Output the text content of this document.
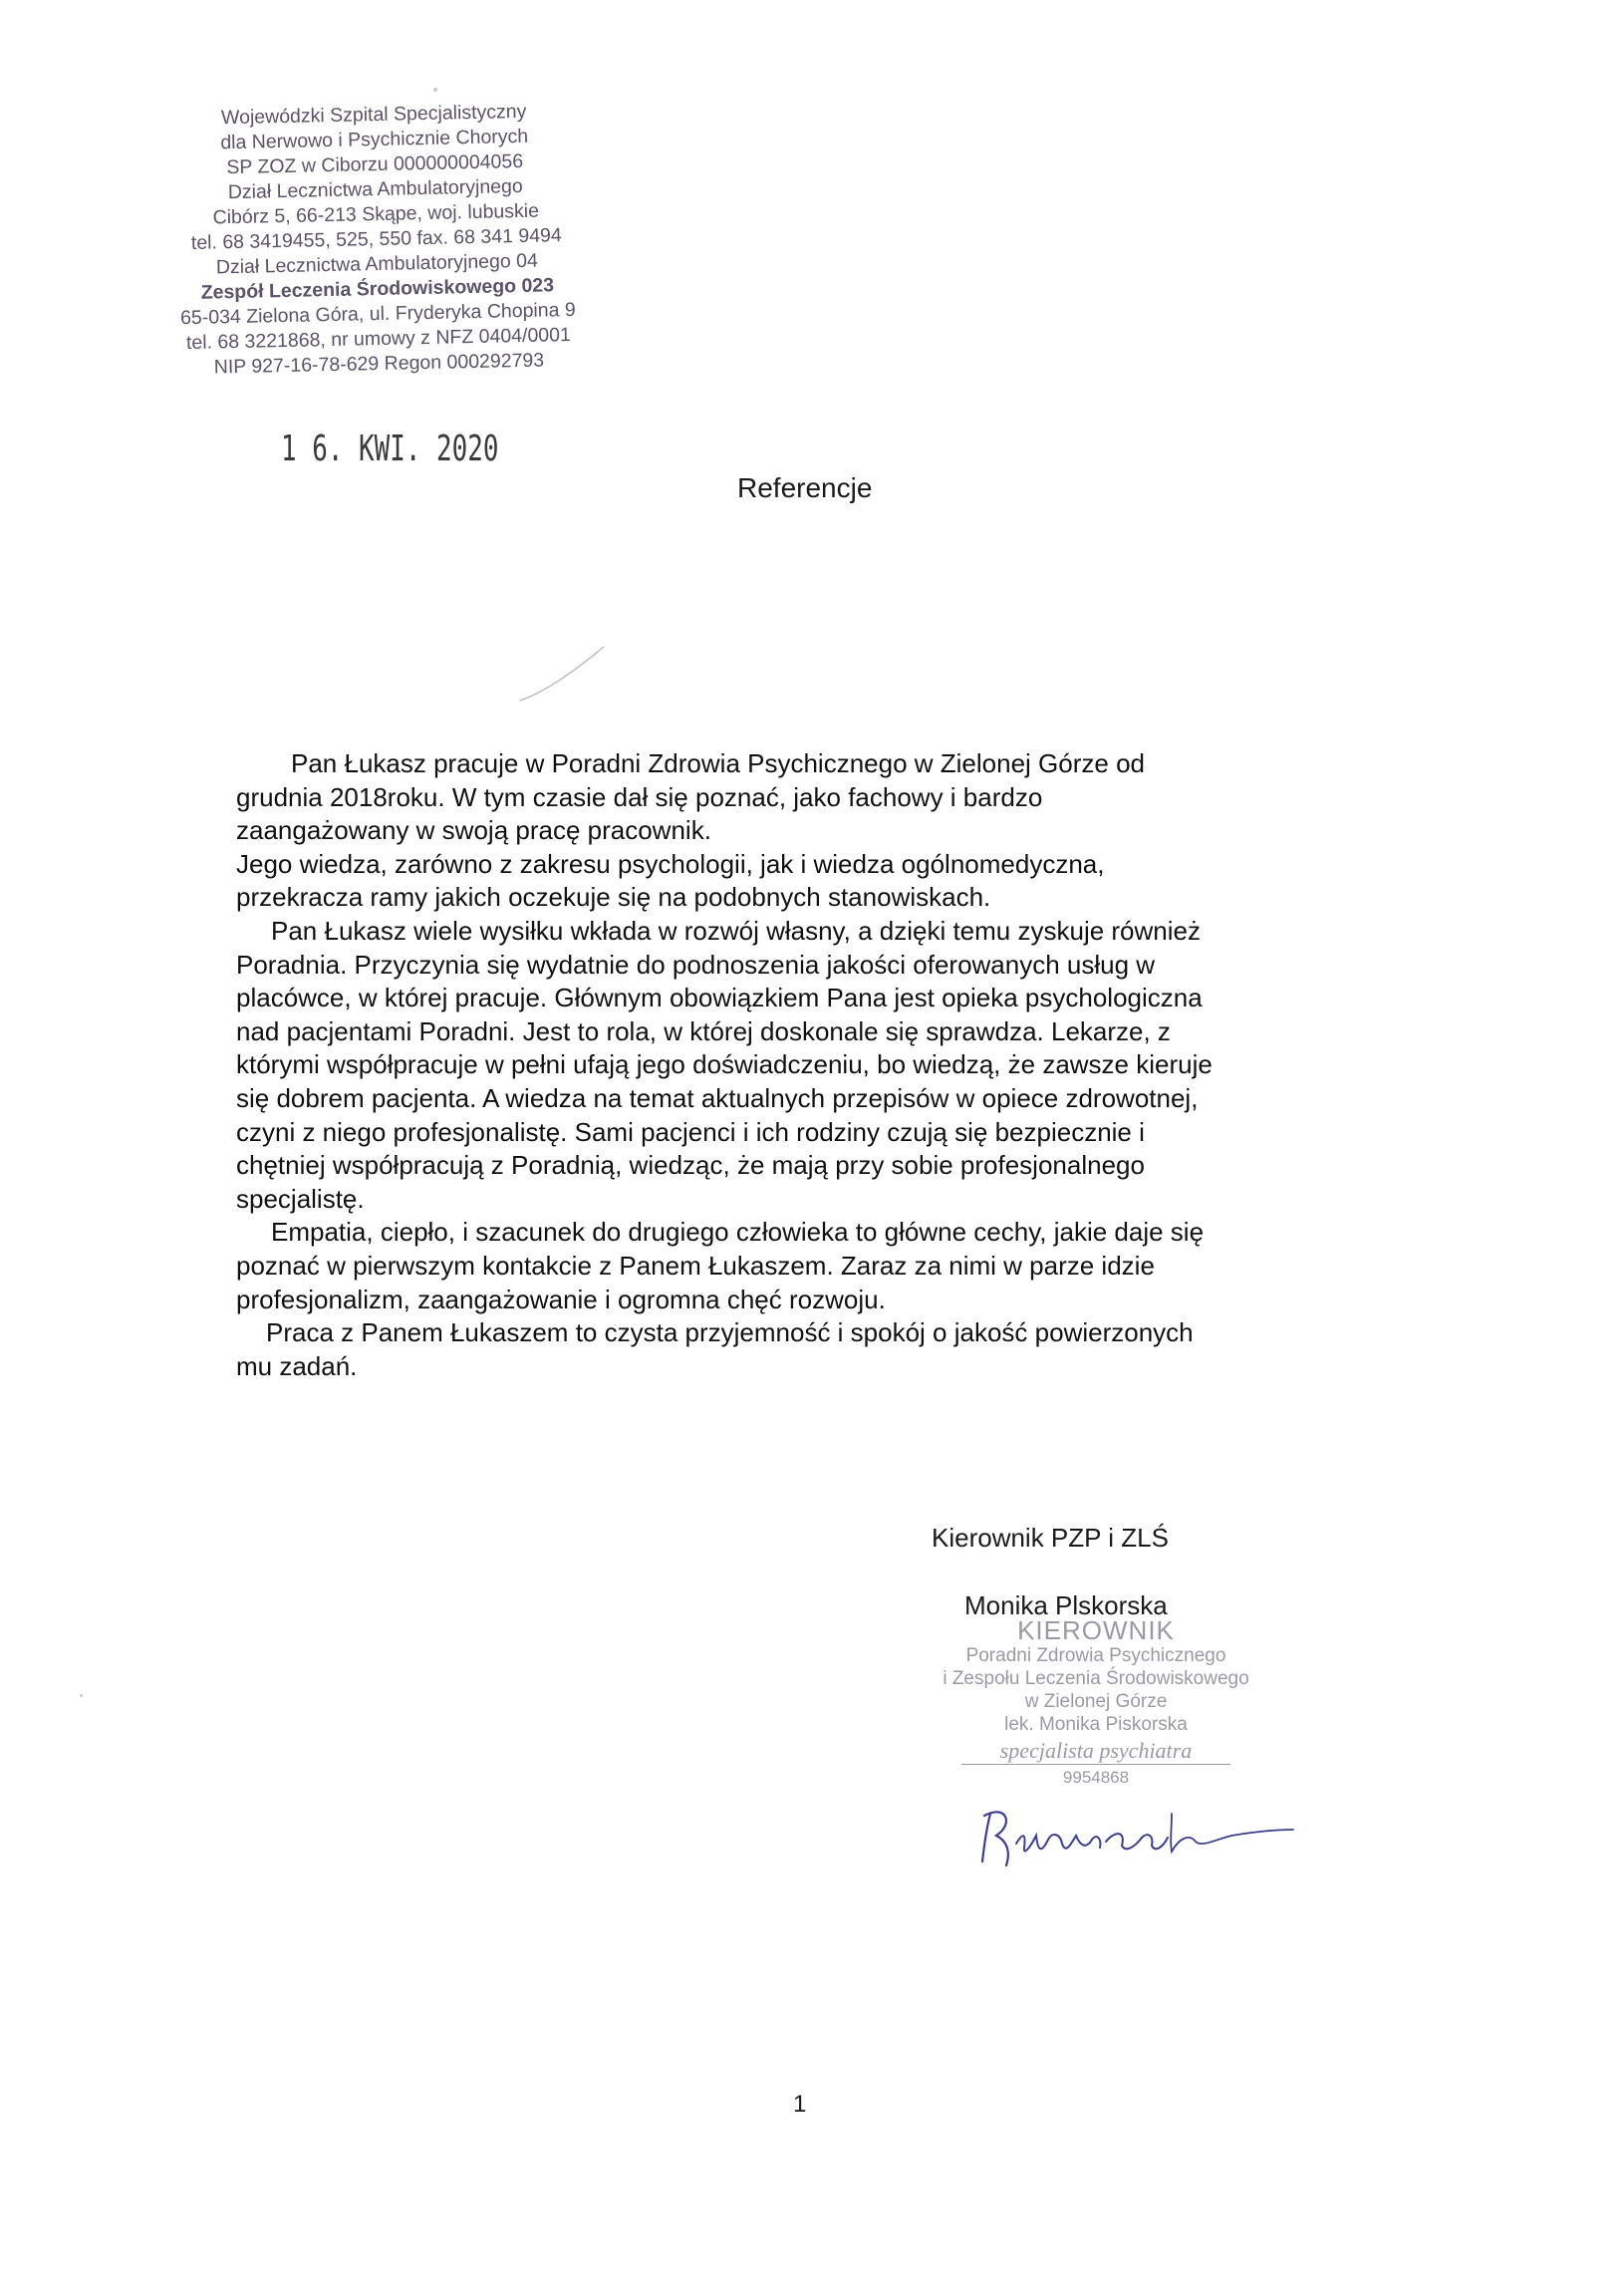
Wojewódzki Szpital Specjalistyczny
dla Nerwowo i Psychicznie Chorych
SP ZOZ w Ciborzu 000000004056
Dział Lecznictwa Ambulatoryjnego
Cibórz 5, 66-213 Skąpe, woj. lubuskie
tel. 68 3419455, 525, 550 fax. 68 341 9494
Dział Lecznictwa Ambulatoryjnego 04
Zespół Leczenia Środowiskowego 023
65-034 Zielona Góra, ul. Fryderyka Chopina 9
tel. 68 3221868, nr umowy z NFZ 0404/0001
NIP 927-16-78-629 Regon 000292793
1 6. KWI. 2020
Referencje
Pan Łukasz pracuje w Poradni Zdrowia Psychicznego w Zielonej Górze od
grudnia 2018roku. W tym czasie dał się poznać, jako fachowy i bardzo
zaangażowany w swoją pracę pracownik.
Jego wiedza, zarówno z zakresu psychologii, jak i wiedza ogólnomedyczna,
przekracza ramy jakich oczekuje się na podobnych stanowiskach.
Pan Łukasz wiele wysiłku wkłada w rozwój własny, a dzięki temu zyskuje również
Poradnia. Przyczynia się wydatnie do podnoszenia jakości oferowanych usług w
placówce, w której pracuje. Głównym obowiązkiem Pana jest opieka psychologiczna
nad pacjentami Poradni. Jest to rola, w której doskonale się sprawdza. Lekarze, z
którymi współpracuje w pełni ufają jego doświadczeniu, bo wiedzą, że zawsze kieruje
się dobrem pacjenta. A wiedza na temat aktualnych przepisów w opiece zdrowotnej,
czyni z niego profesjonalistę. Sami pacjenci i ich rodziny czują się bezpiecznie i
chętniej współpracują z Poradnią, wiedząc, że mają przy sobie profesjonalnego
specjalistę.
Empatia, ciepło, i szacunek do drugiego człowieka to główne cechy, jakie daje się
poznać w pierwszym kontakcie z Panem Łukaszem. Zaraz za nimi w parze idzie
profesjonalizm, zaangażowanie i ogromna chęć rozwoju.
Praca z Panem Łukaszem to czysta przyjemność i spokój o jakość powierzonych
mu zadań.
Kierownik PZP i ZLŚ
Monika Plskorska
KIEROWNIK
Poradni Zdrowia Psychicznego
i Zespołu Leczenia Środowiskowego
w Zielonej Górze
lek. Monika Piskorska
specjalista psychiatra
9954868
1
